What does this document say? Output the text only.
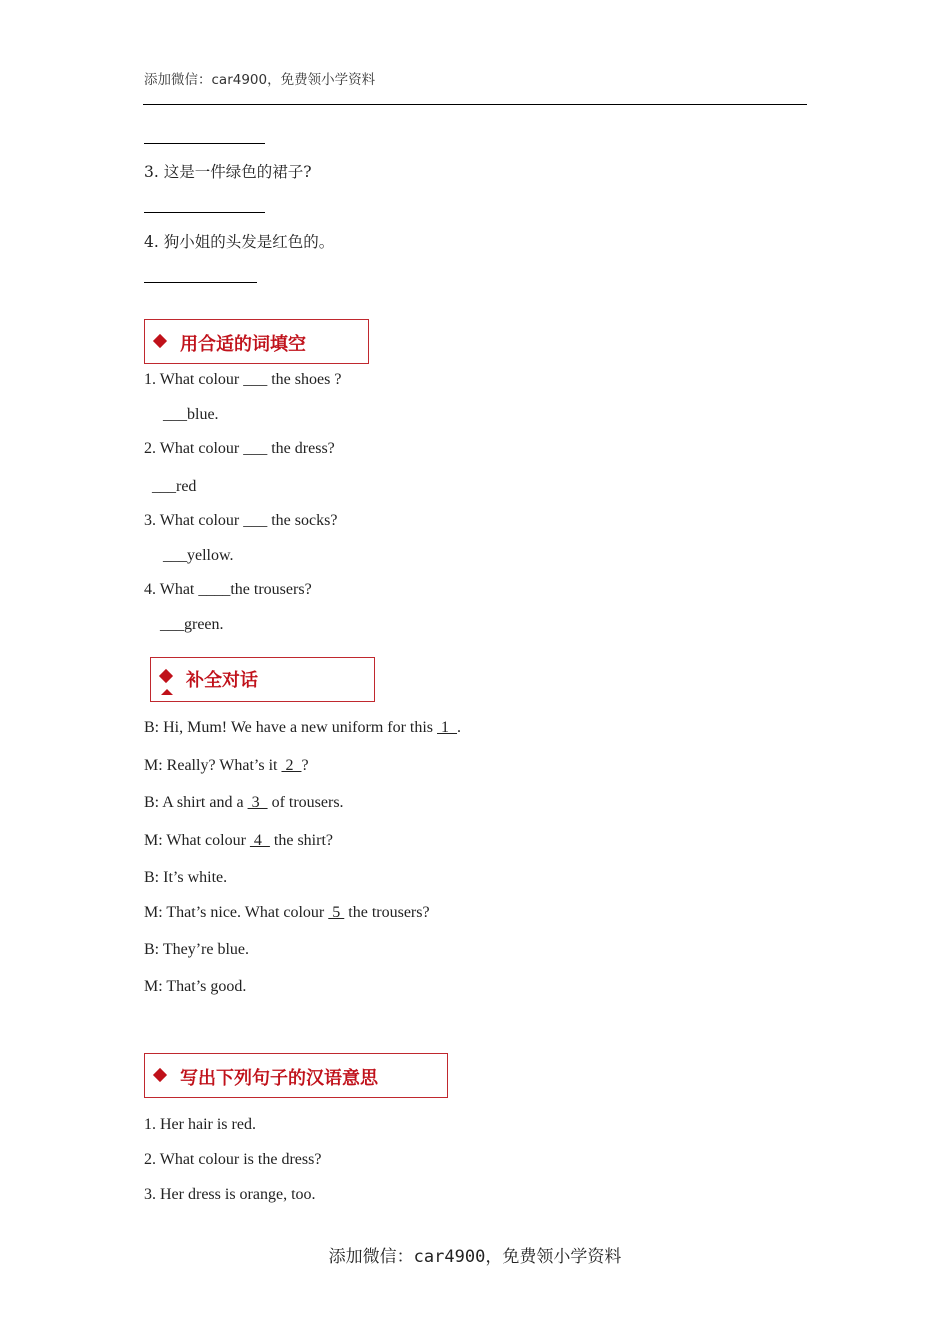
添加微信：car4900，免费领小学资料
3. 这是一件绿色的裙子?
4. 狗小姐的头发是红色的。
用合适的词填空
1. What colour ___ the shoes ?
___blue.
2. What colour ___ the dress?
___red
3. What colour ___ the socks?
___yellow.
4. What ____the trousers?
___green.
补全对话
B: Hi, Mum! We have a new uniform for this  1  .
M: Really? What’s it  2  ?
B: A shirt and a  3   of trousers.
M: What colour  4   the shirt?
B: It’s white.
M: That’s nice. What colour  5  the trousers?
B: They’re blue.
M: That’s good.
写出下列句子的汉语意思
1. Her hair is red.
2. What colour is the dress?
3. Her dress is orange, too.
添加微信：car4900，免费领小学资料
